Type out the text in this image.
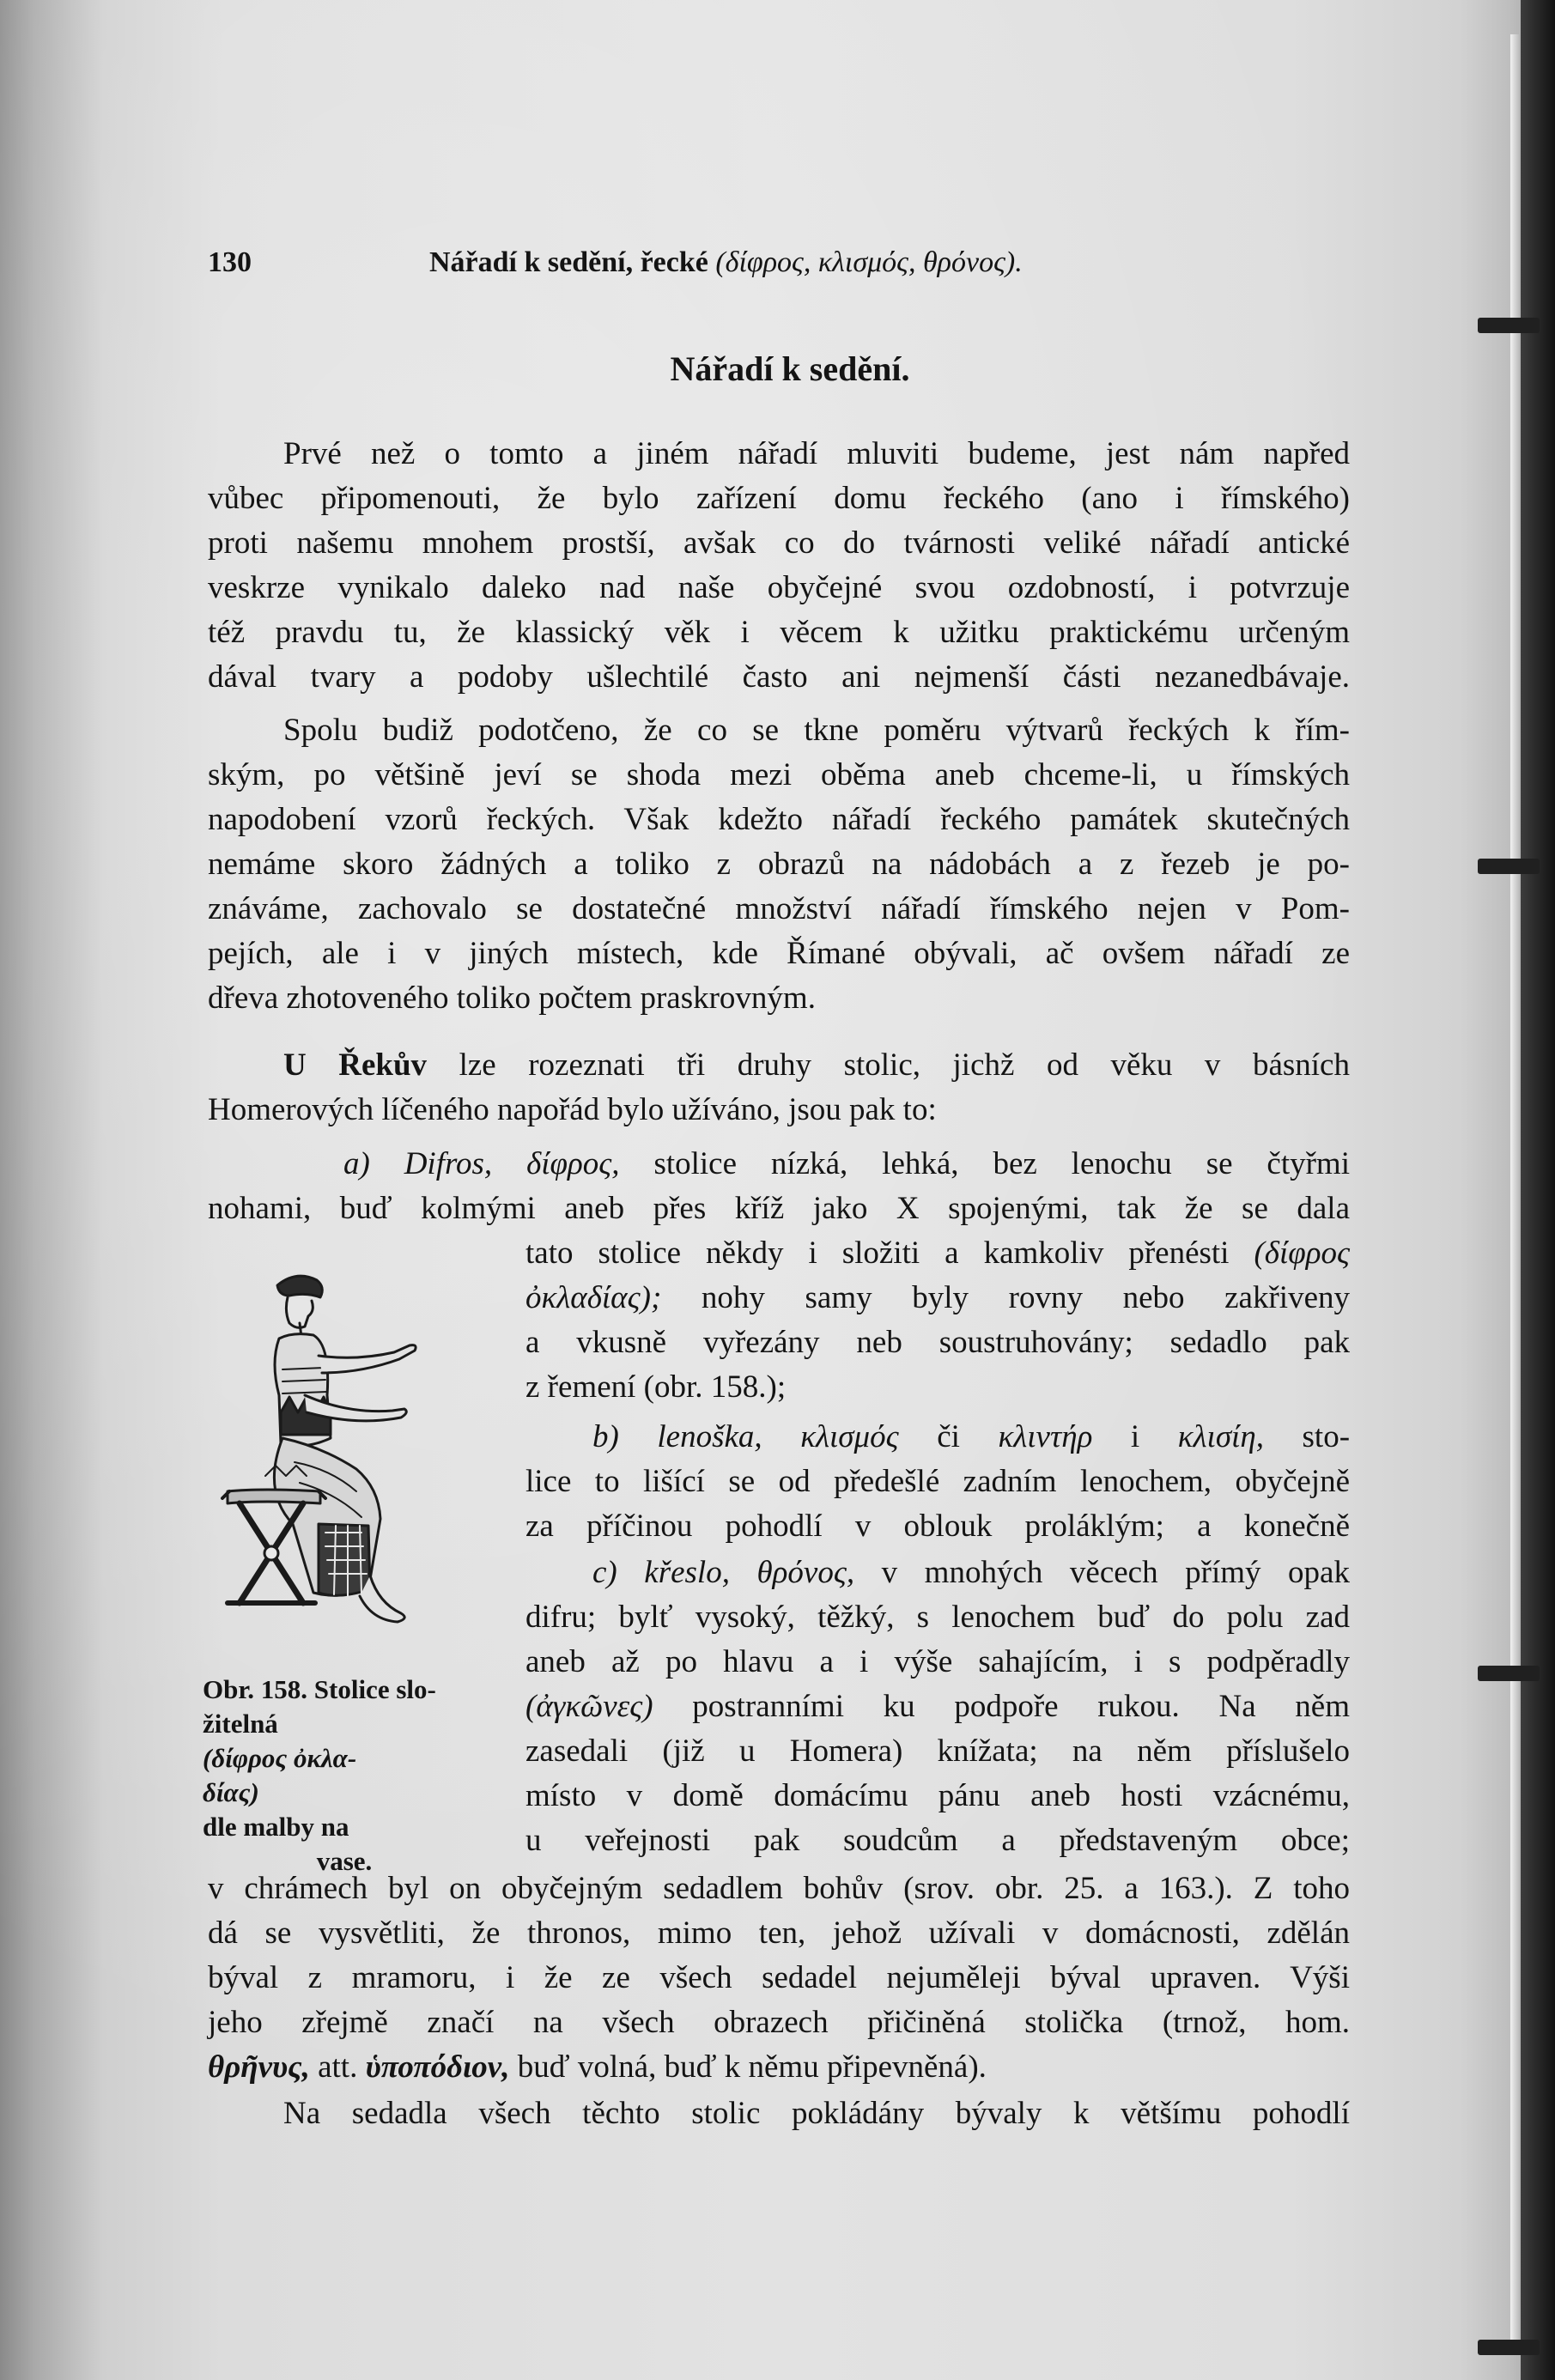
130	Nářadí k sedění, řecké (δίφρος, κλισμός, θρόνος).
Nářadí k sedění.
Prvé než o tomto a jiném nářadí mluviti budeme, jest nám napřed
vůbec připomenouti, že bylo zařízení domu řeckého (ano i římského)
proti našemu mnohem prostší, avšak co do tvárnosti veliké nářadí antické
veskrze vynikalo daleko nad naše obyčejné svou ozdobností, i potvrzuje
též pravdu tu, že klassický věk i věcem k užitku praktickému určeným
dával tvary a podoby ušlechtilé často ani nejmenší části nezanedbávaje.
Spolu budiž podotčeno, že co se tkne poměru výtvarů řeckých k řím-
ským, po většině jeví se shoda mezi oběma aneb chceme-li, u římských
napodobení vzorů řeckých. Však kdežto nářadí řeckého památek skutečných
nemáme skoro žádných a toliko z obrazů na nádobách a z řezeb je po-
znáváme, zachovalo se dostatečné množství nářadí římského nejen v Pom-
pejích, ale i v jiných místech, kde Římané obývali, ač ovšem nářadí ze
dřeva zhotoveného toliko počtem praskrovným.
U Řekův lze rozeznati tři druhy stolic, jichž od věku v básních
Homerových líčeného napořád bylo užíváno, jsou pak to:
a) Difros, δίφρος, stolice nízká, lehká, bez lenochu se čtyřmi
nohami, buď kolmými aneb přes kříž jako X spojenými, tak že se dala
tato stolice někdy i složiti a kamkoliv přenésti (δίφρος
ὀκλαδίας); nohy samy byly rovny nebo zakřiveny
a vkusně vyřezány neb soustruhovány; sedadlo pak
z řemení (obr. 158.);
b) lenoška, κλισμός či κλιντήρ i κλισίη, sto-
lice to lišící se od předešlé zadním lenochem, obyčejně
za příčinou pohodlí v oblouk proláklým; a konečně
c) křeslo, θρόνος, v mnohých věcech přímý opak
difru; bylť vysoký, těžký, s lenochem buď do polu zad
aneb až po hlavu a i výše sahajícím, i s podpěradly
(ἀγκῶνες) postranními ku podpoře rukou. Na něm
zasedali (již u Homera) knížata; na něm příslušelo
místo v domě domácímu pánu aneb hosti vzácnému,
u veřejnosti pak soudcům a představeným obce;
v chrámech byl on obyčejným sedadlem bohův (srov. obr. 25. a 163.). Z toho
dá se vysvětliti, že thronos, mimo ten, jehož užívali v domácnosti, zdělán
býval z mramoru, i že ze všech sedadel nejuměleji býval upraven. Výši
jeho zřejmě značí na všech obrazech přičiněná stolička (trnož, hom.
θρῆνυς, att. ὑποπόδιον, buď volná, buď k němu připevněná).
Na sedadla všech těchto stolic pokládány bývaly k většímu pohodlí
Obr. 158. Stolice slo-
žitelná
(δίφρος ὀκλα-
δίας)
dle malby na
vase.
